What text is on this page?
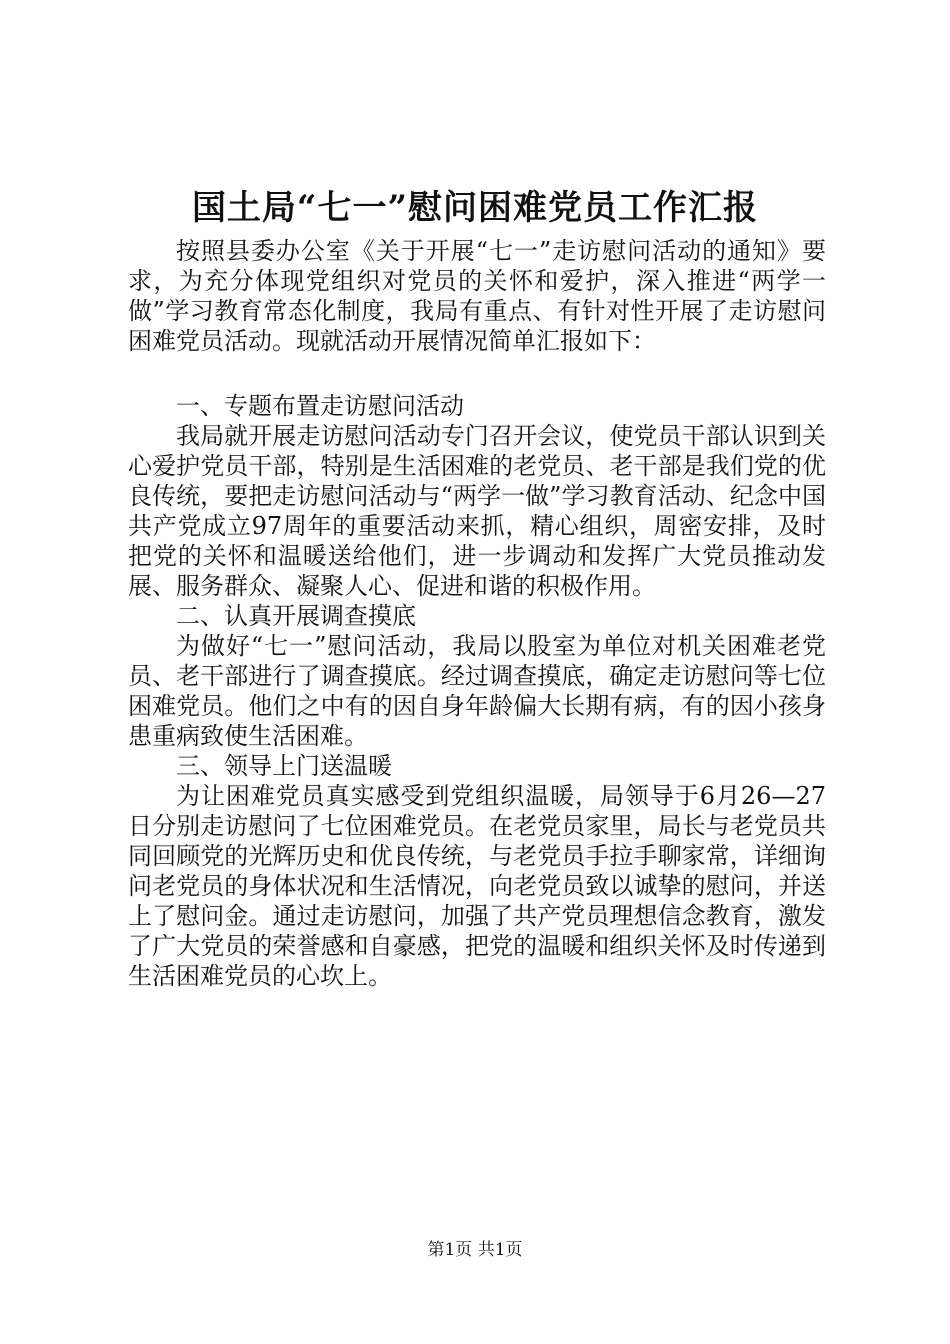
国土局“七一”慰问困难党员工作汇报

按照县委办公室《关于开展“七一”走访慰问活动的通知》要求，为充分体现党组织对党员的关怀和爱护，深入推进“两学一做”学习教育常态化制度，我局有重点、有针对性开展了走访慰问困难党员活动。现就活动开展情况简单汇报如下：

一、专题布置走访慰问活动

我局就开展走访慰问活动专门召开会议，使党员干部认识到关心爱护党员干部，特别是生活困难的老党员、老干部是我们党的优良传统，要把走访慰问活动与“两学一做”学习教育活动、纪念中国共产党成立97周年的重要活动来抓，精心组织，周密安排，及时把党的关怀和温暖送给他们，进一步调动和发挥广大党员推动发展、服务群众、凝聚人心、促进和谐的积极作用。

二、认真开展调查摸底

为做好“七一”慰问活动，我局以股室为单位对机关困难老党员、老干部进行了调查摸底。经过调查摸底，确定走访慰问等七位困难党员。他们之中有的因自身年龄偏大长期有病，有的因小孩身患重病致使生活困难。

三、领导上门送温暖

为让困难党员真实感受到党组织温暖，局领导于6月26—27日分别走访慰问了七位困难党员。在老党员家里，局长与老党员共同回顾党的光辉历史和优良传统，与老党员手拉手聊家常，详细询问老党员的身体状况和生活情况，向老党员致以诚挚的慰问，并送上了慰问金。通过走访慰问，加强了共产党员理想信念教育，激发了广大党员的荣誉感和自豪感，把党的温暖和组织关怀及时传递到生活困难党员的心坎上。

第1页 共1页
